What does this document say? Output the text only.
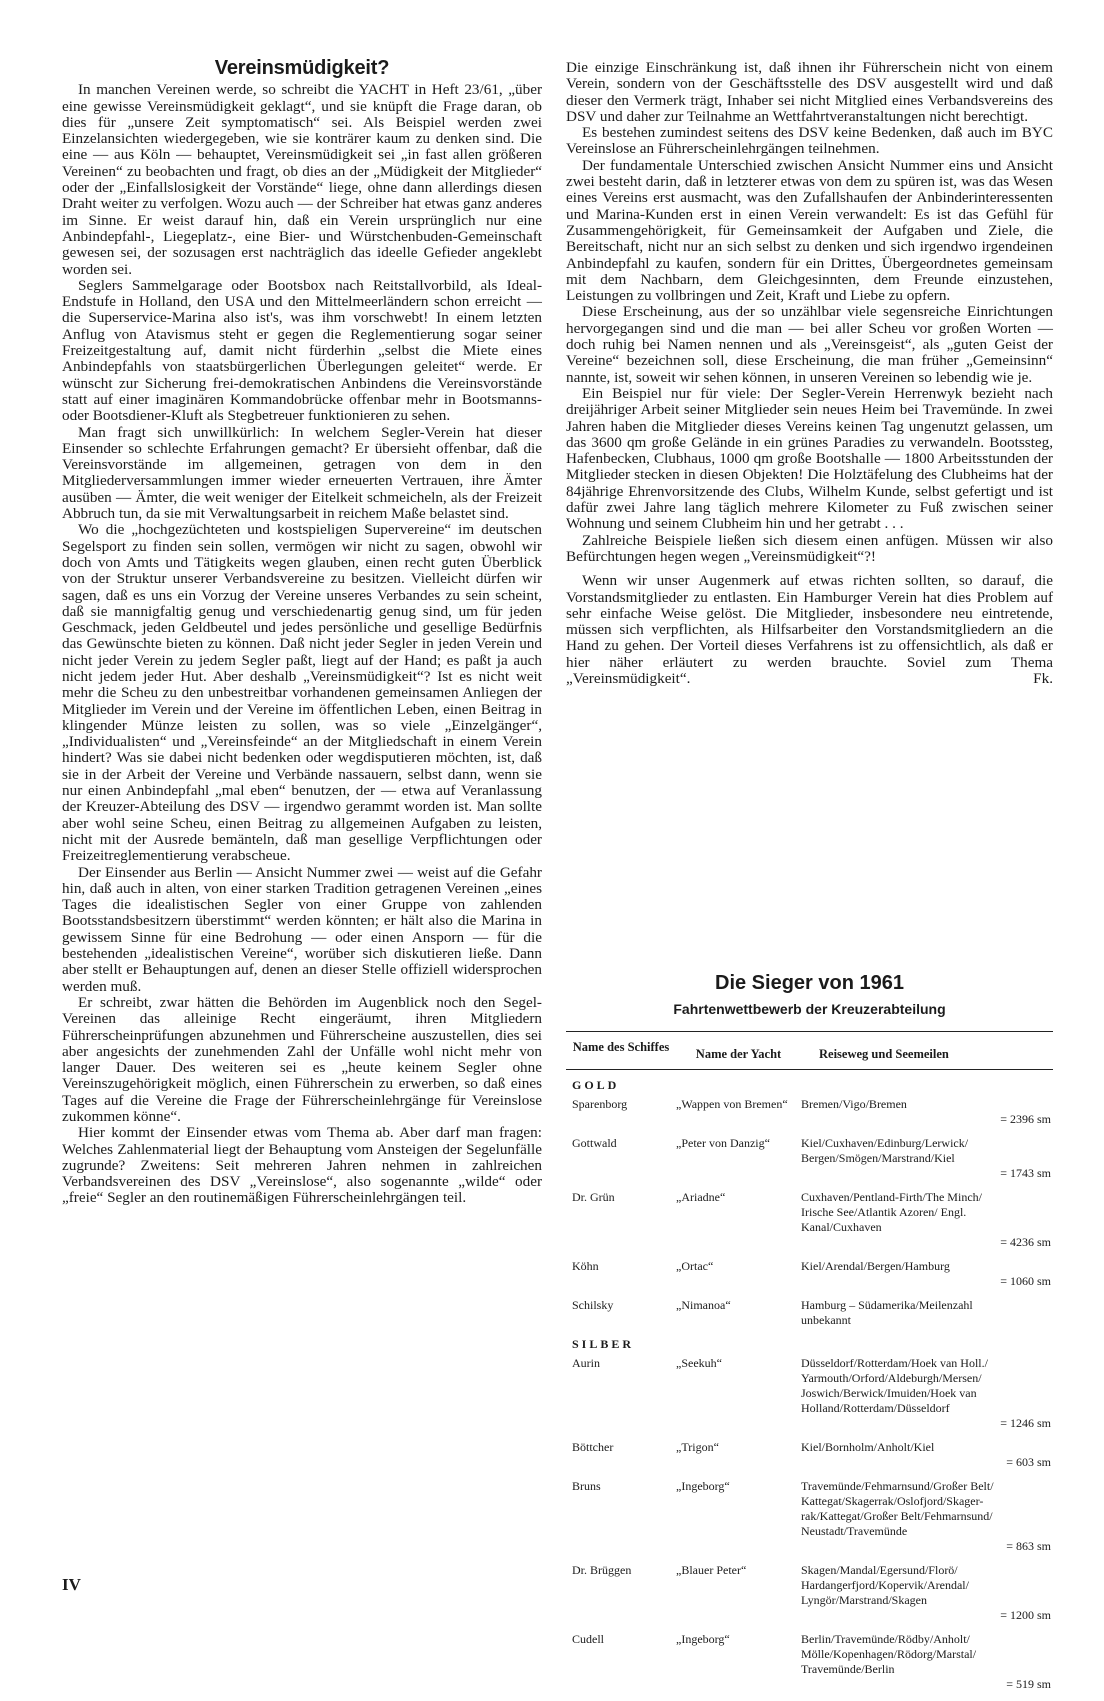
Vereinsmüdigkeit?

In manchen Vereinen werde, so schreibt die YACHT in Heft 23/61, „über eine gewisse Vereinsmüdigkeit geklagt“, und sie knüpft die Frage daran, ob dies für „unsere Zeit symptomatisch“ sei. Als Beispiel werden zwei Einzelansichten wiedergegeben, wie sie konträrer kaum zu denken sind. Die eine — aus Köln — behauptet, Vereinsmüdigkeit sei „in fast allen größeren Vereinen“ zu beobachten und fragt, ob dies an der „Müdigkeit der Mitglieder“ oder der „Einfallslosigkeit der Vorstände“ liege, ohne dann allerdings diesen Draht weiter zu verfolgen. Wozu auch — der Schreiber hat etwas ganz anderes im Sinne. Er weist darauf hin, daß ein Verein ursprünglich nur eine Anbindepfahl-, Liegeplatz-, eine Bier- und Würstchenbuden-Gemeinschaft gewesen sei, der sozusagen erst nachträglich das ideelle Gefieder angeklebt worden sei.

Seglers Sammelgarage oder Bootsbox nach Reitstallvorbild, als Ideal-Endstufe in Holland, den USA und den Mittelmeerländern schon erreicht — die Superservice-Marina also ist's, was ihm vorschwebt! In einem letzten Anflug von Atavismus steht er gegen die Reglementierung sogar seiner Freizeitgestaltung auf, damit nicht fürderhin „selbst die Miete eines Anbindepfahls von staatsbürgerlichen Überlegungen geleitet“ werde. Er wünscht zur Sicherung frei-demokratischen Anbindens die Vereinsvorstände statt auf einer imaginären Kommandobrücke offenbar mehr in Bootsmanns- oder Bootsdiener-Kluft als Stegbetreuer funktionieren zu sehen.

Man fragt sich unwillkürlich: In welchem Segler-Verein hat dieser Einsender so schlechte Erfahrungen gemacht? Er übersieht offenbar, daß die Vereinsvorstände im allgemeinen, getragen von dem in den Mitgliederversammlungen immer wieder erneuerten Vertrauen, ihre Ämter ausüben — Ämter, die weit weniger der Eitelkeit schmeicheln, als der Freizeit Abbruch tun, da sie mit Verwaltungsarbeit in reichem Maße belastet sind.

Wo die „hochgezüchteten und kostspieligen Supervereine“ im deutschen Segelsport zu finden sein sollen, vermögen wir nicht zu sagen, obwohl wir doch von Amts und Tätigkeits wegen glauben, einen recht guten Überblick von der Struktur unserer Verbandsvereine zu besitzen. Vielleicht dürfen wir sagen, daß es uns ein Vorzug der Vereine unseres Verbandes zu sein scheint, daß sie mannigfaltig genug und verschiedenartig genug sind, um für jeden Geschmack, jeden Geldbeutel und jedes persönliche und gesellige Bedürfnis das Gewünschte bieten zu können. Daß nicht jeder Segler in jeden Verein und nicht jeder Verein zu jedem Segler paßt, liegt auf der Hand; es paßt ja auch nicht jedem jeder Hut. Aber deshalb „Vereinsmüdigkeit“? Ist es nicht weit mehr die Scheu zu den unbestreitbar vorhandenen gemeinsamen Anliegen der Mitglieder im Verein und der Vereine im öffentlichen Leben, einen Beitrag in klingender Münze leisten zu sollen, was so viele „Einzelgänger“, „Individualisten“ und „Vereinsfeinde“ an der Mitgliedschaft in einem Verein hindert? Was sie dabei nicht bedenken oder wegdisputieren möchten, ist, daß sie in der Arbeit der Vereine und Verbände nassauern, selbst dann, wenn sie nur einen Anbindepfahl „mal eben“ benutzen, der — etwa auf Veranlassung der Kreuzer-Abteilung des DSV — irgendwo gerammt worden ist. Man sollte aber wohl seine Scheu, einen Beitrag zu allgemeinen Aufgaben zu leisten, nicht mit der Ausrede bemänteln, daß man gesellige Verpflichtungen oder Freizeitreglementierung verabscheue.

Der Einsender aus Berlin — Ansicht Nummer zwei — weist auf die Gefahr hin, daß auch in alten, von einer starken Tradition getragenen Vereinen „eines Tages die idealistischen Segler von einer Gruppe von zahlenden Bootsstandsbesitzern überstimmt“ werden könnten; er hält also die Marina in gewissem Sinne für eine Bedrohung — oder einen Ansporn — für die bestehenden „idealistischen Vereine“, worüber sich diskutieren ließe. Dann aber stellt er Behauptungen auf, denen an dieser Stelle offiziell widersprochen werden muß.

Er schreibt, zwar hätten die Behörden im Augenblick noch den Segel-Vereinen das alleinige Recht eingeräumt, ihren Mitgliedern Führerscheinprüfungen abzunehmen und Führerscheine auszustellen, dies sei aber angesichts der zunehmenden Zahl der Unfälle wohl nicht mehr von langer Dauer. Des weiteren sei es „heute keinem Segler ohne Vereinszugehörigkeit möglich, einen Führerschein zu erwerben, so daß eines Tages auf die Vereine die Frage der Führerscheinlehrgänge für Vereinslose zukommen könne“.

Hier kommt der Einsender etwas vom Thema ab. Aber darf man fragen: Welches Zahlenmaterial liegt der Behauptung vom Ansteigen der Segelunfälle zugrunde? Zweitens: Seit mehreren Jahren nehmen in zahlreichen Verbandsvereinen des DSV „Vereinslose“, also sogenannte „wilde“ oder „freie“ Segler an den routinemäßigen Führerscheinlehrgängen teil.

Die einzige Einschränkung ist, daß ihnen ihr Führerschein nicht von einem Verein, sondern von der Geschäftsstelle des DSV ausgestellt wird und daß dieser den Vermerk trägt, Inhaber sei nicht Mitglied eines Verbandsvereins des DSV und daher zur Teilnahme an Wettfahrtveranstaltungen nicht berechtigt.

Es bestehen zumindest seitens des DSV keine Bedenken, daß auch im BYC Vereinslose an Führerscheinlehrgängen teilnehmen.

Der fundamentale Unterschied zwischen Ansicht Nummer eins und Ansicht zwei besteht darin, daß in letzterer etwas von dem zu spüren ist, was das Wesen eines Vereins erst ausmacht, was den Zufallshaufen der Anbinderinteressenten und Marina-Kunden erst in einen Verein verwandelt: Es ist das Gefühl für Zusammengehörigkeit, für Gemeinsamkeit der Aufgaben und Ziele, die Bereitschaft, nicht nur an sich selbst zu denken und sich irgendwo irgendeinen Anbindepfahl zu kaufen, sondern für ein Drittes, Übergeordnetes gemeinsam mit dem Nachbarn, dem Gleichgesinnten, dem Freunde einzustehen, Leistungen zu vollbringen und Zeit, Kraft und Liebe zu opfern.

Diese Erscheinung, aus der so unzählbar viele segensreiche Einrichtungen hervorgegangen sind und die man — bei aller Scheu vor großen Worten — doch ruhig bei Namen nennen und als „Vereinsgeist“, als „guten Geist der Vereine“ bezeichnen soll, diese Erscheinung, die man früher „Gemeinsinn“ nannte, ist, soweit wir sehen können, in unseren Vereinen so lebendig wie je.

Ein Beispiel nur für viele: Der Segler-Verein Herrenwyk bezieht nach dreijähriger Arbeit seiner Mitglieder sein neues Heim bei Travemünde. In zwei Jahren haben die Mitglieder dieses Vereins keinen Tag ungenutzt gelassen, um das 3600 qm große Gelände in ein grünes Paradies zu verwandeln. Bootssteg, Hafenbecken, Clubhaus, 1000 qm große Bootshalle — 1800 Arbeitsstunden der Mitglieder stecken in diesen Objekten! Die Holztäfelung des Clubheims hat der 84jährige Ehrenvorsitzende des Clubs, Wilhelm Kunde, selbst gefertigt und ist dafür zwei Jahre lang täglich mehrere Kilometer zu Fuß zwischen seiner Wohnung und seinem Clubheim hin und her getrabt . . .

Zahlreiche Beispiele ließen sich diesem einen anfügen. Müssen wir also Befürchtungen hegen wegen „Vereinsmüdigkeit“?!

Wenn wir unser Augenmerk auf etwas richten sollten, so darauf, die Vorstandsmitglieder zu entlasten. Ein Hamburger Verein hat dies Problem auf sehr einfache Weise gelöst. Die Mitglieder, insbesondere neu eintretende, müssen sich verpflichten, als Hilfsarbeiter den Vorstandsmitgliedern an die Hand zu gehen. Der Vorteil dieses Verfahrens ist zu offensichtlich, als daß er hier näher erläutert zu werden brauchte. Soviel zum Thema „Vereinsmüdigkeit“.	Fk.

Die Sieger von 1961
Fahrtenwettbewerb der Kreuzerabteilung
Name des Schiffes	Name der Yacht	Reiseweg und Seemeilen
GOLD
Sparenborg	„Wappen von Bremen“	Bremen/Vigo/Bremen
= 2396 sm
Gottwald	„Peter von Danzig“	Kiel/Cuxhaven/Edinburg/Lerwick/
Bergen/Smögen/Marstrand/Kiel
= 1743 sm
Dr. Grün	„Ariadne“	Cuxhaven/Pentland-Firth/The Minch/
Irische See/Atlantik Azoren/ Engl.
Kanal/Cuxhaven
= 4236 sm
Köhn	„Ortac“	Kiel/Arendal/Bergen/Hamburg
= 1060 sm
Schilsky	„Nimanoa“	Hamburg – Südamerika/Meilenzahl
unbekannt
SILBER
Aurin	„Seekuh“	Düsseldorf/Rotterdam/Hoek van Holl./
Yarmouth/Orford/Aldeburgh/Mersen/
Joswich/Berwick/Imuiden/Hoek van
Holland/Rotterdam/Düsseldorf
= 1246 sm
Böttcher	„Trigon“	Kiel/Bornholm/Anholt/Kiel
= 603 sm
Bruns	„Ingeborg“	Travemünde/Fehmarnsund/Großer Belt/
Kattegat/Skagerrak/Oslofjord/Skager-
rak/Kattegat/Großer Belt/Fehmarnsund/
Neustadt/Travemünde
= 863 sm
Dr. Brüggen	„Blauer Peter“	Skagen/Mandal/Egersund/Florö/
Hardangerfjord/Kopervik/Arendal/
Lyngör/Marstrand/Skagen
= 1200 sm
Cudell	„Ingeborg“	Berlin/Travemünde/Rödby/Anholt/
Mölle/Kopenhagen/Rödorg/Marstal/
Travemünde/Berlin
= 519 sm
IV
